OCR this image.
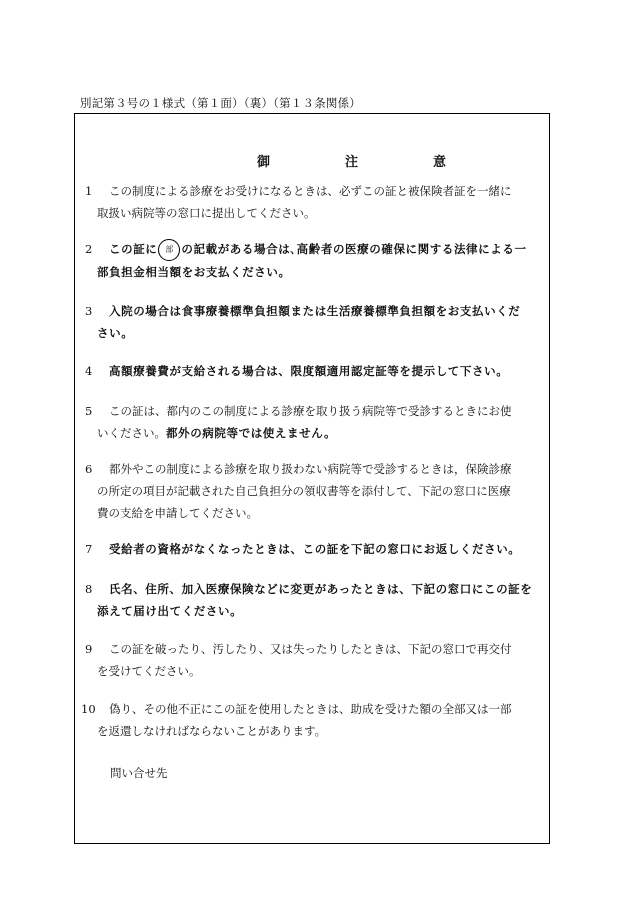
別記第３号の１様式（第１面）（裏）（第１３条関係）
御　注　意
1	この制度による診療をお受けになるときは、必ずこの証と被保険者証を一緒に
取扱い病院等の窓口に提出してください。
2	この証に 部 の記載がある場合は､高齢者の医療の確保に関する法律による一
部負担金相当額をお支払ください。
3	入院の場合は食事療養標準負担額または生活療養標準負担額をお支払いくだ
さい。
4	高額療養費が支給される場合は、限度額適用認定証等を提示して下さい。
5	この証は、都内のこの制度による診療を取り扱う病院等で受診するときにお使
いください。都外の病院等では使えません。
6	都外やこの制度による診療を取り扱わない病院等で受診するときは，保険診療
の所定の項目が記載された自己負担分の領収書等を添付して、下記の窓口に医療
費の支給を申請してください。
7	受給者の資格がなくなったときは、この証を下記の窓口にお返しください。
8	氏名、住所、加入医療保険などに変更があったときは、下記の窓口にこの証を
添えて届け出てください。
9	この証を破ったり、汚したり、又は失ったりしたときは、下記の窓口で再交付
を受けてください。
10	偽り、その他不正にこの証を使用したときは、助成を受けた額の全部又は一部
を返還しなければならないことがあります。
問い合せ先
